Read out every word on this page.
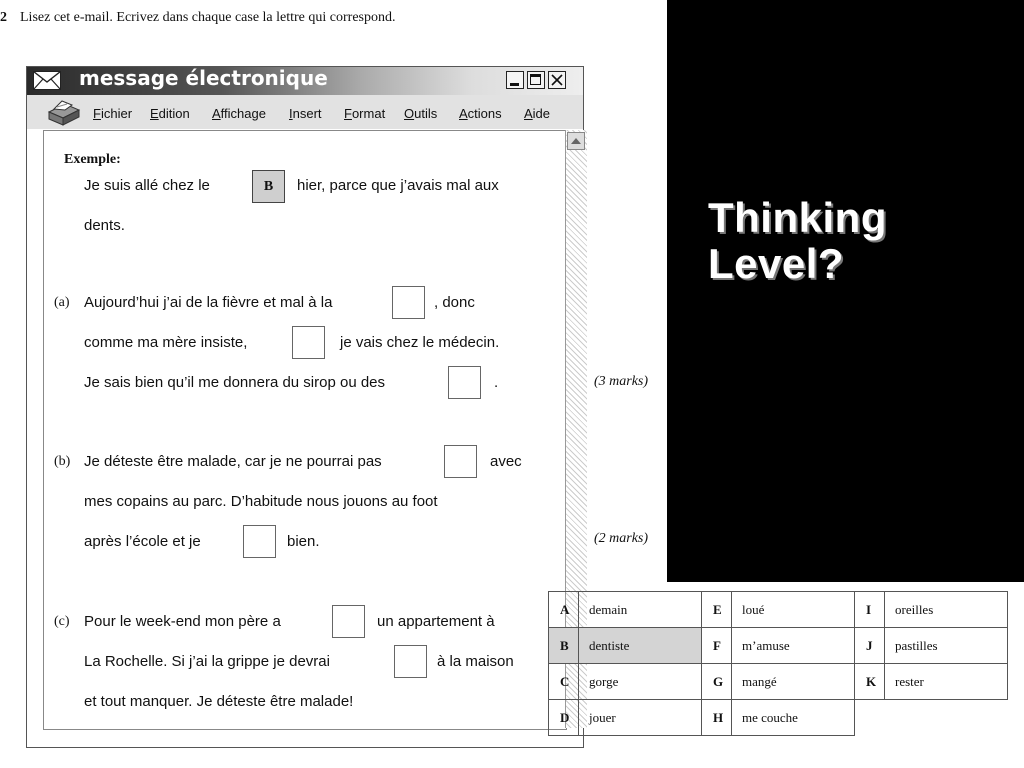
2 Lisez cet e-mail. Ecrivez dans chaque case la lettre qui correspond.
Thinking
Level?
message électronique
Fichier Edition Affichage Insert Format Outils Actions Aide
Exemple:
Je suis allé chez le	B	hier, parce que j’avais mal aux
dents.
(a) Aujourd’hui j’ai de la fièvre et mal à la	, donc
comme ma mère insiste,	je vais chez le médecin.
Je sais bien qu’il me donnera du sirop ou des	.
(b) Je déteste être malade, car je ne pourrai pas	avec
mes copains au parc. D’habitude nous jouons au foot
après l’école et je	bien.
(c) Pour le week-end mon père a	un appartement à
La Rochelle. Si j’ai la grippe je devrai	à la maison
et tout manquer. Je déteste être malade!
(3 marks)
(2 marks)
A	demain	E	loué	I	oreilles
B	dentiste	F	m’amuse	J	pastilles
C	gorge	G	mangé	K	rester
D	jouer	H	me couche		
